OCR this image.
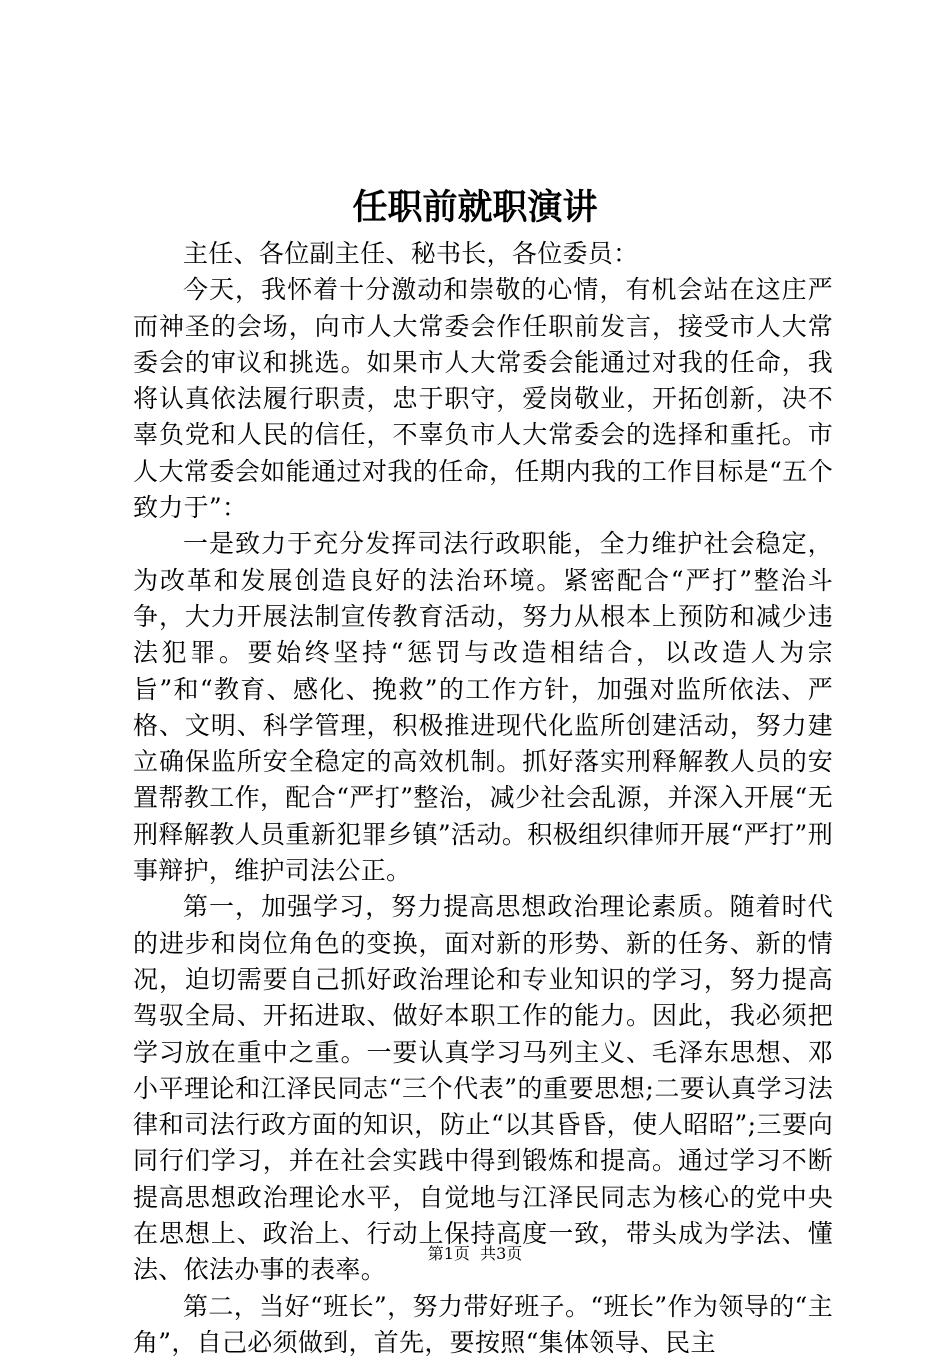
任职前就职演讲

主任、各位副主任、秘书长，各位委员：

今天，我怀着十分激动和崇敬的心情，有机会站在这庄严而神圣的会场，向市人大常委会作任职前发言，接受市人大常委会的审议和挑选。如果市人大常委会能通过对我的任命，我将认真依法履行职责，忠于职守，爱岗敬业，开拓创新，决不辜负党和人民的信任，不辜负市人大常委会的选择和重托。市人大常委会如能通过对我的任命，任期内我的工作目标是“五个致力于”：

一是致力于充分发挥司法行政职能，全力维护社会稳定，为改革和发展创造良好的法治环境。紧密配合“严打”整治斗争，大力开展法制宣传教育活动，努力从根本上预防和减少违法犯罪。要始终坚持“惩罚与改造相结合，以改造人为宗旨”和“教育、感化、挽救”的工作方针，加强对监所依法、严格、文明、科学管理，积极推进现代化监所创建活动，努力建立确保监所安全稳定的高效机制。抓好落实刑释解教人员的安置帮教工作，配合“严打”整治，减少社会乱源，并深入开展“无刑释解教人员重新犯罪乡镇”活动。积极组织律师开展“严打”刑事辩护，维护司法公正。

第一，加强学习，努力提高思想政治理论素质。随着时代的进步和岗位角色的变换，面对新的形势、新的任务、新的情况，迫切需要自己抓好政治理论和专业知识的学习，努力提高驾驭全局、开拓进取、做好本职工作的能力。因此，我必须把学习放在重中之重。一要认真学习马列主义、毛泽东思想、邓小平理论和江泽民同志“三个代表”的重要思想;二要认真学习法律和司法行政方面的知识，防止“以其昏昏，使人昭昭”;三要向同行们学习，并在社会实践中得到锻炼和提高。通过学习不断提高思想政治理论水平，自觉地与江泽民同志为核心的党中央在思想上、政治上、行动上保持高度一致，带头成为学法、懂法、依法办事的表率。

第二，当好“班长”，努力带好班子。“班长”作为领导的“主角”，自己必须做到，首先，要按照“集体领导、民主

第1页 共3页
